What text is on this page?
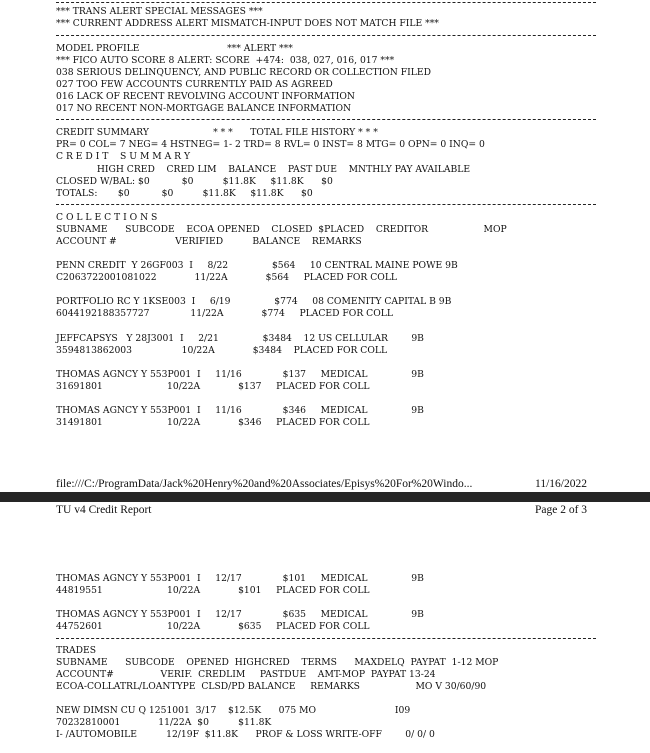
*** TRANS ALERT SPECIAL MESSAGES ***
*** CURRENT ADDRESS ALERT MISMATCH-INPUT DOES NOT MATCH FILE ***
MODEL PROFILE                              *** ALERT ***
*** FICO AUTO SCORE 8 ALERT: SCORE  +474:  038, 027, 016, 017 ***
038 SERIOUS DELINQUENCY, AND PUBLIC RECORD OR COLLECTION FILED
027 TOO FEW ACCOUNTS CURRENTLY PAID AS AGREED
016 LACK OF RECENT REVOLVING ACCOUNT INFORMATION
017 NO RECENT NON-MORTGAGE BALANCE INFORMATION
CREDIT SUMMARY                      * * *      TOTAL FILE HISTORY * * *
PR= 0 COL= 7 NEG= 4 HSTNEG= 1- 2 TRD= 8 RVL= 0 INST= 8 MTG= 0 OPN= 0 INQ= 0
C R E D I T    S U M M A R Y
HIGH CRED    CRED LIM    BALANCE    PAST DUE    MNTHLY PAY AVAILABLE
CLOSED W/BAL: $0           $0          $11.8K     $11.8K      $0
TOTALS:       $0           $0          $11.8K     $11.8K      $0
C O L L E C T I O N S
SUBNAME      SUBCODE    ECOA OPENED    CLOSED  $PLACED    CREDITOR                   MOP
ACCOUNT #                    VERIFIED          BALANCE    REMARKS
PENN CREDIT  Y 26GF003  I     8/22               $564     10 CENTRAL MAINE POWE 9B
C2063722001081022             11/22A             $564     PLACED FOR COLL
PORTFOLIO RC Y 1KSE003  I     6/19               $774     08 COMENITY CAPITAL B 9B
6044192188357727              11/22A             $774     PLACED FOR COLL
JEFFCAPSYS   Y 28J3001  I     2/21               $3484    12 US CELLULAR        9B
3594813862003                 10/22A             $3484    PLACED FOR COLL
THOMAS AGNCY Y 553P001  I     11/16              $137     MEDICAL               9B
31691801                      10/22A             $137     PLACED FOR COLL
THOMAS AGNCY Y 553P001  I     11/16              $346     MEDICAL               9B
31491801                      10/22A             $346     PLACED FOR COLL
file:///C:/ProgramData/Jack%20Henry%20and%20Associates/Episys%20For%20Windo...	11/16/2022
TU v4 Credit Report	Page 2 of 3
THOMAS AGNCY Y 553P001  I     12/17              $101     MEDICAL               9B
44819551                      10/22A             $101     PLACED FOR COLL
THOMAS AGNCY Y 553P001  I     12/17              $635     MEDICAL               9B
44752601                      10/22A             $635     PLACED FOR COLL
TRADES
SUBNAME      SUBCODE    OPENED  HIGHCRED    TERMS      MAXDELQ  PAYPAT  1-12 MOP
ACCOUNT#                VERIF.  CREDLIM     PASTDUE    AMT-MOP  PAYPAT 13-24
ECOA-COLLATRL/LOANTYPE  CLSD/PD BALANCE     REMARKS                   MO V 30/60/90
NEW DIMSN CU Q 1251001  3/17    $12.5K      075 MO                           I09
70232810001             11/22A  $0          $11.8K
I- /AUTOMOBILE          12/19F  $11.8K      PROF & LOSS WRITE-OFF        0/ 0/ 0
